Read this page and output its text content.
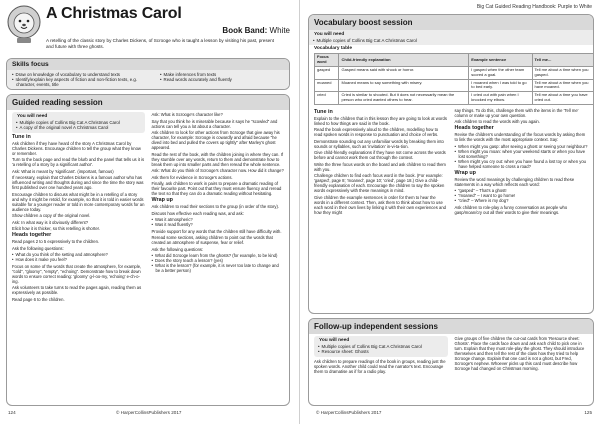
A Christmas Carol
Book Band: White
A retelling of the classic story by Charles Dickens, of Scrooge who is taught a lesson by visiting his past, present and future with three ghosts.
Skills focus
• Draw on knowledge of vocabulary to understand texts
• Identify/explain key aspects of fiction and non-fiction texts, e.g. character, events, title
• Make inferences from texts
• Read words accurately and fluently
Guided reading session
You will need
• Multiple copies of Collins Big Cat A Christmas Carol
• A copy of the original novel A Christmas Carol
Tune in

Ask children if they have heard of the story A Christmas Carol by Charles Dickens. Encourage children to tell the group what they know or remember.

Turn to the back page and read the blurb and the panel that tells us it is 'a retelling of a story by a significant author'.

Ask: What is meant by 'significant'. (important, famous)

If necessary, explain that Charles Dickens is a famous author who has influenced writing and thoughts during and since the time the story was first published over one hundred years ago.

Encourage children to discuss what might be in a retelling of a story and why it might be retold, for example, so that it is told in easier words suitable for a younger reader or told in more contemporary words for an audience today.

Show children a copy of the original novel.

Ask: In what way is it obviously different?

Elicit how it is thicker, so this retelling is shorter.

Heads together

Read pages 2 to 5 expressively to the children.

Ask the following questions:

• What do you think of the setting and atmosphere?
• How does it make you feel?

Focus on some of the words that create the atmosphere, for example, "cold", "gloomy", "empty", "echoing". Demonstrate how to break down words to ensure correct reading: 'gloomy' g-l-oo-my, 'echoing' e-ch-o-ing.

Ask volunteers to take turns to read the pages again, reading them as expressively as possible.

Read page 6 to the children.

Ask: What is Scrooge's character like?

Say that you think he is miserable because it says he "scowled" and actions can tell you a lot about a character.

Ask children to look for other actions from Scrooge that give away his character, for example: Scrooge is cowardly and afraid because "he dived into bed and pulled the covers up tightly" after Marley's ghost appeared.

Read the rest of the book, with the children joining in where they can. If they stumble over any words, return to them and demonstrate how to break them up into smaller parts and then reread the whole sentence.

Ask: What do you think of Scrooge's character now. How did it change?

Ask them for evidence in Scrooge's actions.

Finally, ask children to work in pairs to prepare a dramatic reading of their favourite part. Point out that they must ensure fluency and reread the text so that they can do a dramatic reading without hesitating.

Wrap up

Ask children to read their sections to the group (in order of the story).

Discuss how effective each reading was, and ask:

• Was it atmospheric?
• Was it read fluently?

Provide support for any words that the children still have difficulty with.

Reread some sections, asking children to point out the words that created an atmosphere of suspense, fear or relief.

Ask the following questions:

• What did Scrooge learn from the ghosts? (for example, to be kind)
• Does the story teach a lesson? (yes)
• What is the lesson? (for example, it is never too late to change and be a better person)
124	© HarperCollinsPublishers 2017
Big Cat Guided Reading Handbook: Purple to White
Vocabulary boost session
You will need
• Multiple copies of Collins Big Cat A Christmas Carol
Vocabulary table
Focus word	Child-friendly explanation	Example sentence	Tell me...
gasped	Gasped means said with shock or horror.	I gasped when the other team scored a goal.	Tell me about a time when you gasped.
moaned	Moaned means to say something with misery.	I moaned when I was told to go to bed early.	Tell me about a time when you have moaned.
cried	Cried is similar to shouted. But it does not necessarily mean the person who cried wanted others to hear.	I cried out with pain when I knocked my elbow.	Tell me about a time you have cried out.
Tune in

Explain to the children that in this lesson they are going to look at words linked to how things are said in the book.

Read the book expressively aloud to the children, modelling how to read spoken words in response to punctuation and choice of verbs.

Demonstrate sounding out any unfamiliar words by breaking them into sounds or syllables, such as 'invitation' in-vi-ta-tion.

Give child-friendly explanations if they have not come across the words before and cannot work them out through the context.

Write the three focus words on the board and ask children to read them with you.

Challenge children to find each focus word in the book. (For example: 'gasped', page 8; 'moaned', page 10; 'cried', page 18.) Give a child-friendly explanation of each. Encourage the children to say the spoken words expressively with these meanings in mind.

Give children the example sentences in order for them to hear the words in a different context. Then, ask them to think about how to use each word in their own lives by linking it with their own experiences and how they might

say things. To do this, challenge them with the items in the 'Tell me' column or make up your own question.

Ask children to read the words with you again.

Heads together

Revise the children's understanding of the focus words by asking them to link the words with the most appropriate context. Say:

• When might you gasp: after seeing a ghost or seeing your neighbour?
• When might you moan: when your weekend starts or when you have lost something?
• When might you cry out: when you have found a lost toy or when you have helped someone to cross a road?
Wrap up

Review the word meanings by challenging children to read these statements in a way which reflects each word:

• "gasped" – That's a ghost!
• "moaned" – I want to go home!
• "cried" – Where is my dog?

Ask children to role-play a funny conversation as people who gasp/moan/cry out all their words to give their meanings.

Follow-up independent sessions
You will need
• Multiple copies of Collins Big Cat A Christmas Carol
• Resource sheet: Ghosts

Ask children to prepare readings of the book in groups, reading just the spoken words. Another child could read the narrator's text. Encourage them to dramatise as if for a radio play.

Give groups of five children the cut-out cards from 'Resource sheet: Ghosts'. Place the cards face down and ask each child to pick one in turn. Explain that they must role-play the ghost. They should introduce themselves and then tell the rest of the class how they tried to help Scrooge change. Explain that one card is not a ghost, but Fred, Scrooge's nephew. Whoever picks up this card must describe how Scrooge had changed on Christmas morning.

© HarperCollinsPublishers 2017	125
